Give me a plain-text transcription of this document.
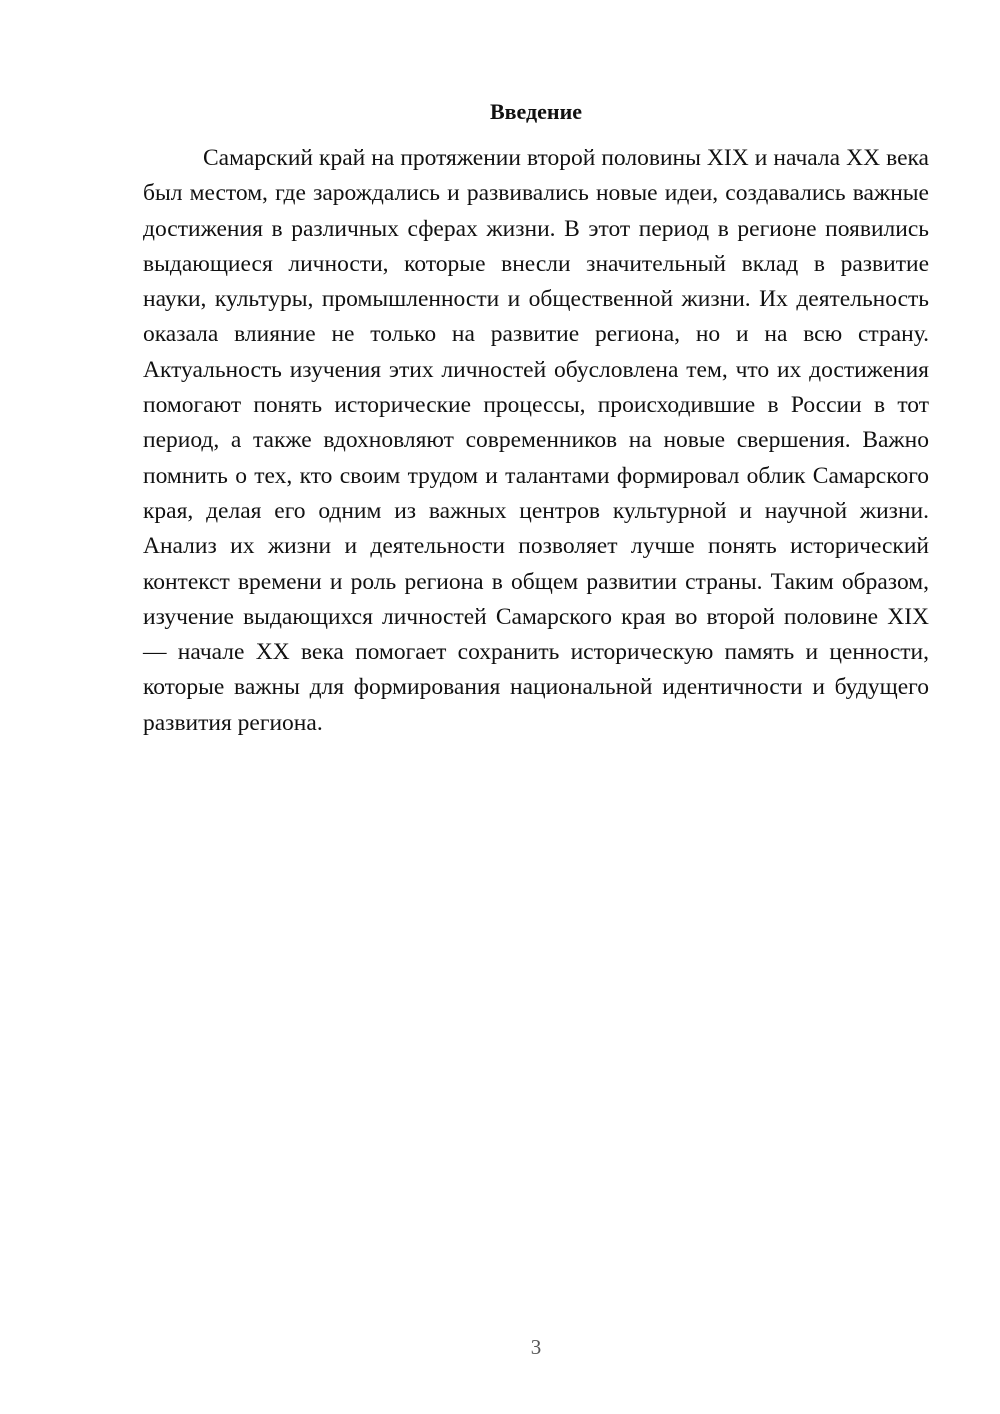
Введение

Самарский край на протяжении второй половины XIX и начала XX века был местом, где зарождались и развивались новые идеи, создавались важные достижения в различных сферах жизни. В этот период в регионе появились выдающиеся личности, которые внесли значительный вклад в развитие науки, культуры, промышленности и общественной жизни. Их деятельность оказала влияние не только на развитие региона, но и на всю страну. Актуальность изучения этих личностей обусловлена тем, что их достижения помогают понять исторические процессы, происходившие в России в тот период, а также вдохновляют современников на новые свершения. Важно помнить о тех, кто своим трудом и талантами формировал облик Самарского края, делая его одним из важных центров культурной и научной жизни. Анализ их жизни и деятельности позволяет лучше понять исторический контекст времени и роль региона в общем развитии страны. Таким образом, изучение выдающихся личностей Самарского края во второй половине XIX — начале XX века помогает сохранить историческую память и ценности, которые важны для формирования национальной идентичности и будущего развития региона.

3
